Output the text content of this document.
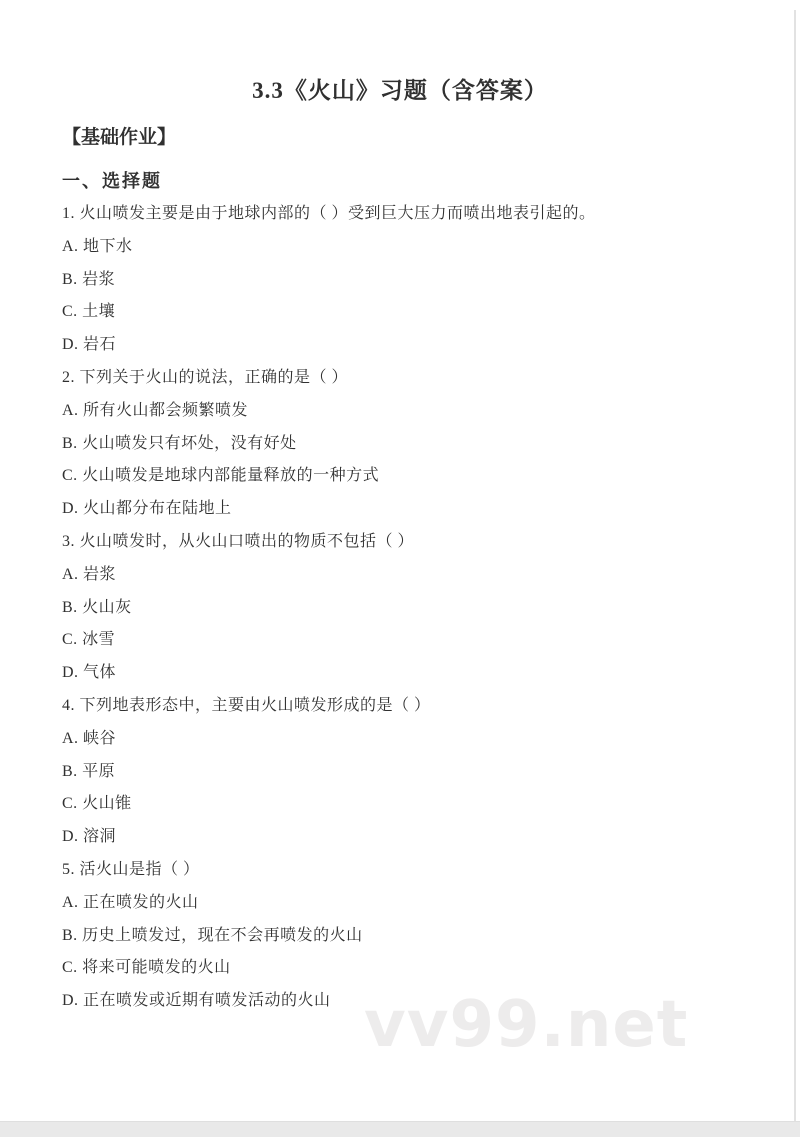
3.3《火山》习题（含答案）
【基础作业】
一、选择题
1. 火山喷发主要是由于地球内部的（ ）受到巨大压力而喷出地表引起的。
A. 地下水
B. 岩浆
C. 土壤
D. 岩石
2. 下列关于火山的说法，正确的是（ ）
A. 所有火山都会频繁喷发
B. 火山喷发只有坏处，没有好处
C. 火山喷发是地球内部能量释放的一种方式
D. 火山都分布在陆地上
3. 火山喷发时，从火山口喷出的物质不包括（ ）
A. 岩浆
B. 火山灰
C. 冰雪
D. 气体
4. 下列地表形态中，主要由火山喷发形成的是（ ）
A. 峡谷
B. 平原
C. 火山锥
D. 溶洞
5. 活火山是指（ ）
A. 正在喷发的火山
B. 历史上喷发过，现在不会再喷发的火山
C. 将来可能喷发的火山
D. 正在喷发或近期有喷发活动的火山 vv99.net
